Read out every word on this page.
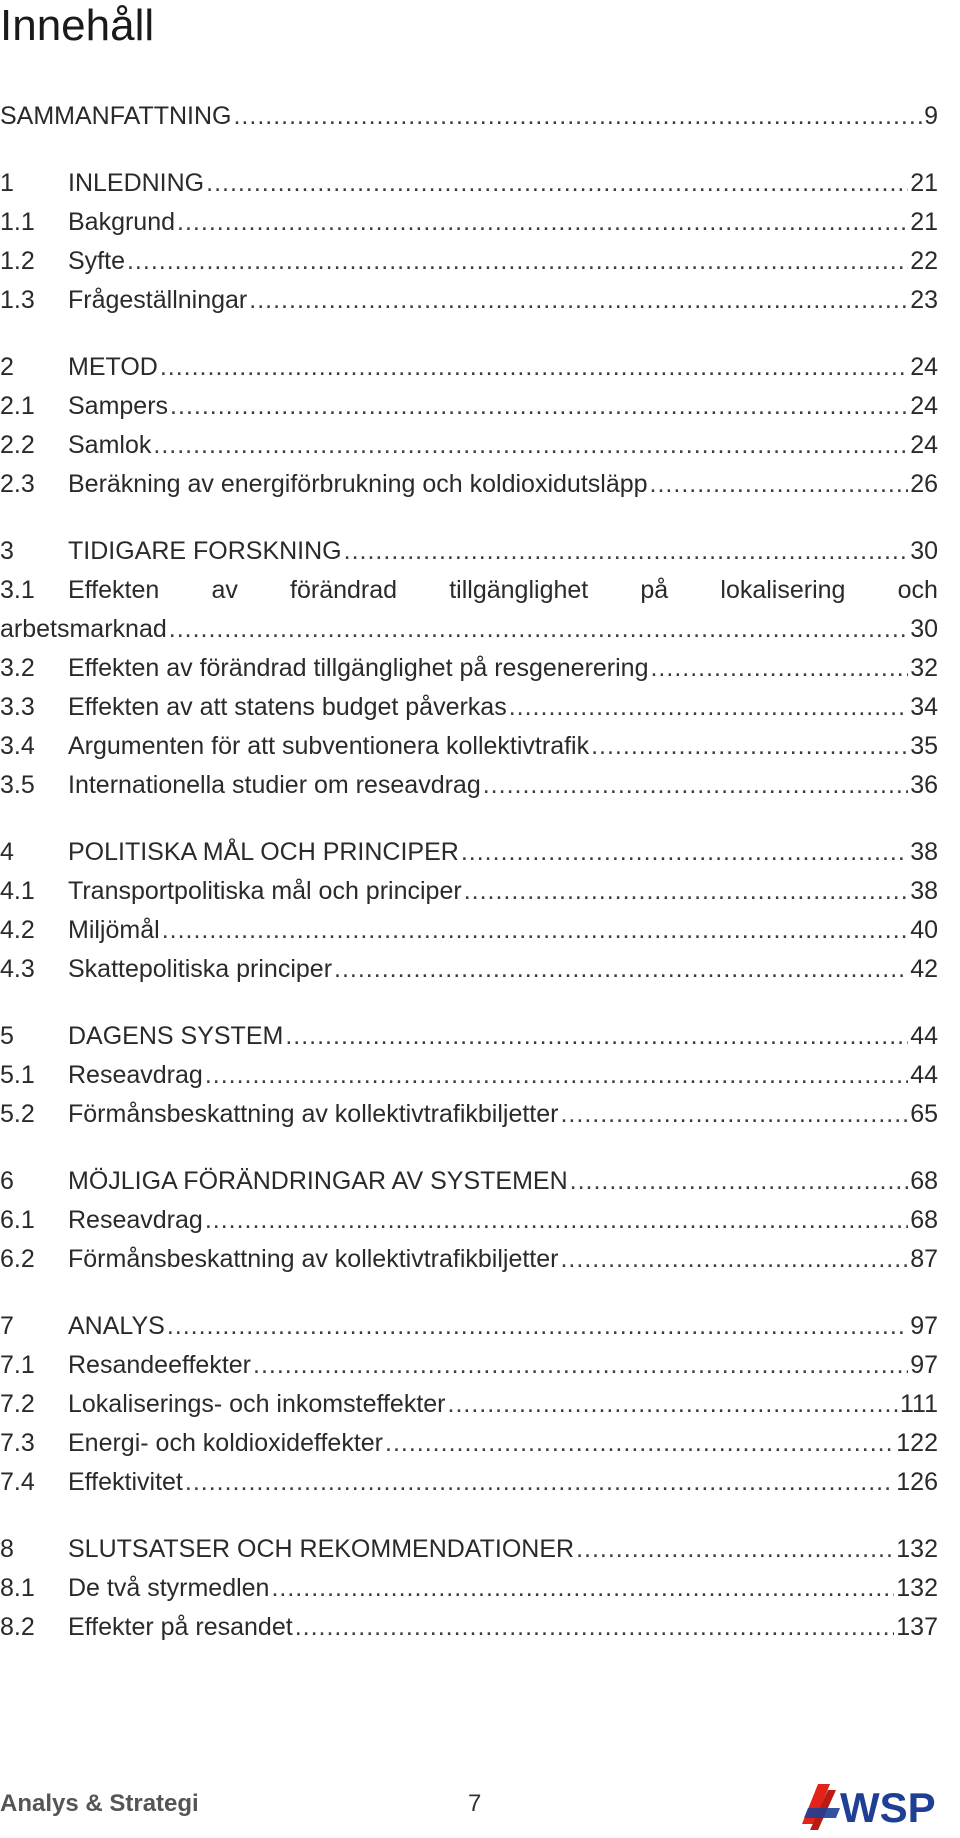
Innehåll
SAMMANFATTNING .....	9
1	INLEDNING .....	21
1.1	Bakgrund .....	21
1.2	Syfte .....	22
1.3	Frågeställningar .....	23
2	METOD .....	24
2.1	Sampers .....	24
2.2	Samlok .....	24
2.3	Beräkning av energiförbrukning och koldioxidutsläpp .....	26
3	TIDIGARE FORSKNING .....	30
3.1	Effekten av förändrad tillgänglighet på lokalisering och
arbetsmarknad .....	30
3.2	Effekten av förändrad tillgänglighet på resgenerering .....	32
3.3	Effekten av att statens budget påverkas .....	34
3.4	Argumenten för att subventionera kollektivtrafik .....	35
3.5	Internationella studier om reseavdrag .....	36
4	POLITISKA MÅL OCH PRINCIPER .....	38
4.1	Transportpolitiska mål och principer .....	38
4.2	Miljömål .....	40
4.3	Skattepolitiska principer .....	42
5	DAGENS SYSTEM .....	44
5.1	Reseavdrag .....	44
5.2	Förmånsbeskattning av kollektivtrafikbiljetter .....	65
6	MÖJLIGA FÖRÄNDRINGAR AV SYSTEMEN .....	68
6.1	Reseavdrag .....	68
6.2	Förmånsbeskattning av kollektivtrafikbiljetter .....	87
7	ANALYS .....	97
7.1	Resandeeffekter .....	97
7.2	Lokaliserings- och inkomsteffekter .....	111
7.3	Energi- och koldioxideffekter .....	122
7.4	Effektivitet .....	126
8	SLUTSATSER OCH REKOMMENDATIONER .....	132
8.1	De två styrmedlen .....	132
8.2	Effekter på resandet .....	137
Analys & Strategi	7	WSP
